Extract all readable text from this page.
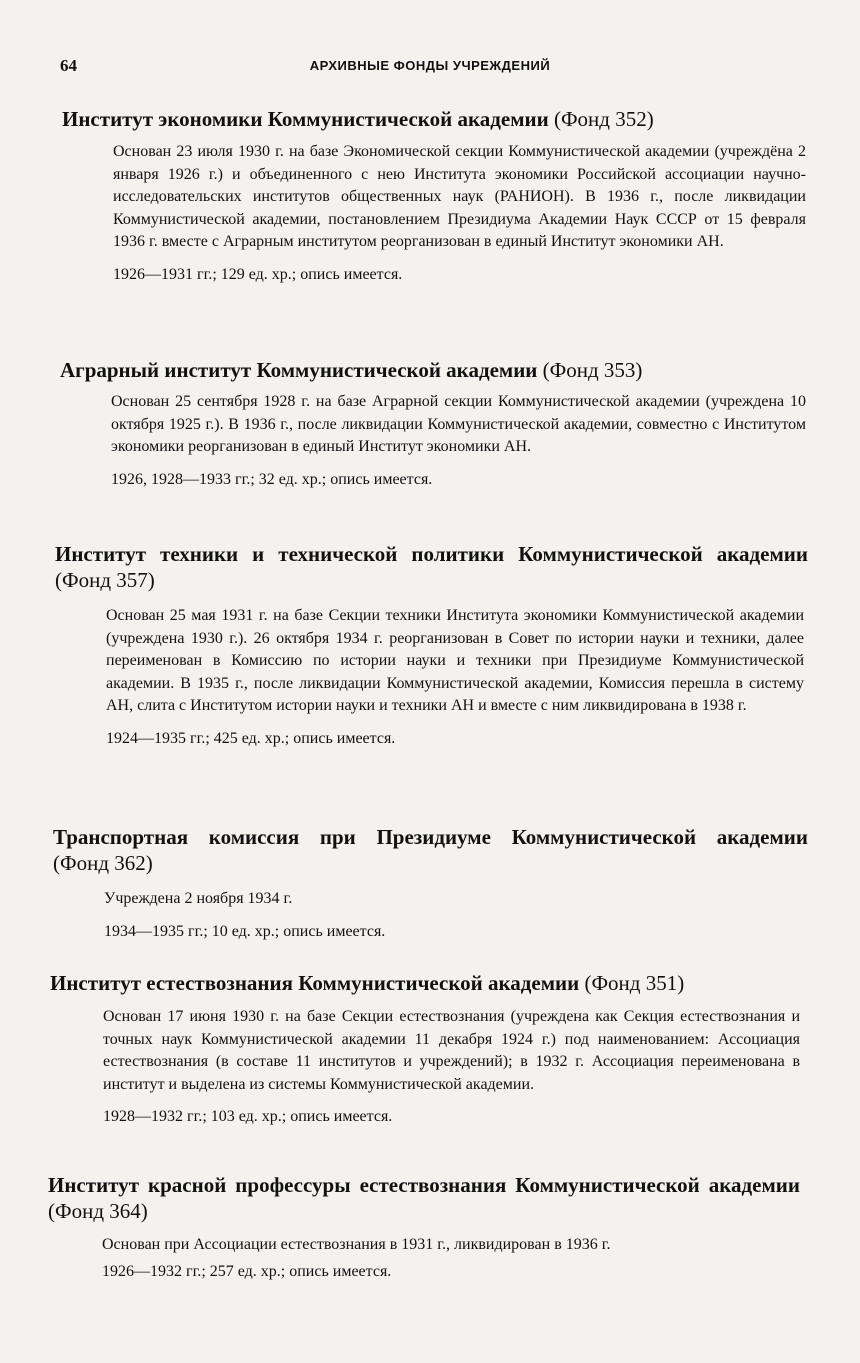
64	АРХИВНЫЕ ФОНДЫ УЧРЕЖДЕНИЙ
Институт экономики Коммунистической академии (Фонд 352)

Основан 23 июля 1930 г. на базе Экономической секции Коммунистической академии (учреждёна 2 января 1926 г.) и объединенного с нею Института экономики Российской ассоциации научно-исследовательских институтов общественных наук (РАНИОН). В 1936 г., после ликвидации Коммунистической академии, постановлением Президиума Академии Наук СССР от 15 февраля 1936 г. вместе с Аграрным институтом реорганизован в единый Институт экономики АН.

1926—1931 гг.; 129 ед. хр.; опись имеется.

Аграрный институт Коммунистической академии (Фонд 353)

Основан 25 сентября 1928 г. на базе Аграрной секции Коммунистической академии (учреждена 10 октября 1925 г.). В 1936 г., после ликвидации Коммунистической академии, совместно с Институтом экономики реорганизован в единый Институт экономики АН.

1926, 1928—1933 гг.; 32 ед. хр.; опись имеется.

Институт техники и технической политики Коммунистической академии (Фонд 357)

Основан 25 мая 1931 г. на базе Секции техники Института экономики Коммунистической академии (учреждена 1930 г.). 26 октября 1934 г. реорганизован в Совет по истории науки и техники, далее переименован в Комиссию по истории науки и техники при Президиуме Коммунистической академии. В 1935 г., после ликвидации Коммунистической академии, Комиссия перешла в систему АН, слита с Институтом истории науки и техники АН и вместе с ним ликвидирована в 1938 г.

1924—1935 гг.; 425 ед. хр.; опись имеется.

Транспортная комиссия при Президиуме Коммунистической академии (Фонд 362)

Учреждена 2 ноября 1934 г.

1934—1935 гг.; 10 ед. хр.; опись имеется.

Институт естествознания Коммунистической академии (Фонд 351)

Основан 17 июня 1930 г. на базе Секции естествознания (учреждена как Секция естествознания и точных наук Коммунистической академии 11 декабря 1924 г.) под наименованием: Ассоциация естествознания (в составе 11 институтов и учреждений); в 1932 г. Ассоциация переименована в институт и выделена из системы Коммунистической академии.

1928—1932 гг.; 103 ед. хр.; опись имеется.

Институт красной профессуры естествознания Коммунистической академии (Фонд 364)

Основан при Ассоциации естествознания в 1931 г., ликвидирован в 1936 г.

1926—1932 гг.; 257 ед. хр.; опись имеется.
